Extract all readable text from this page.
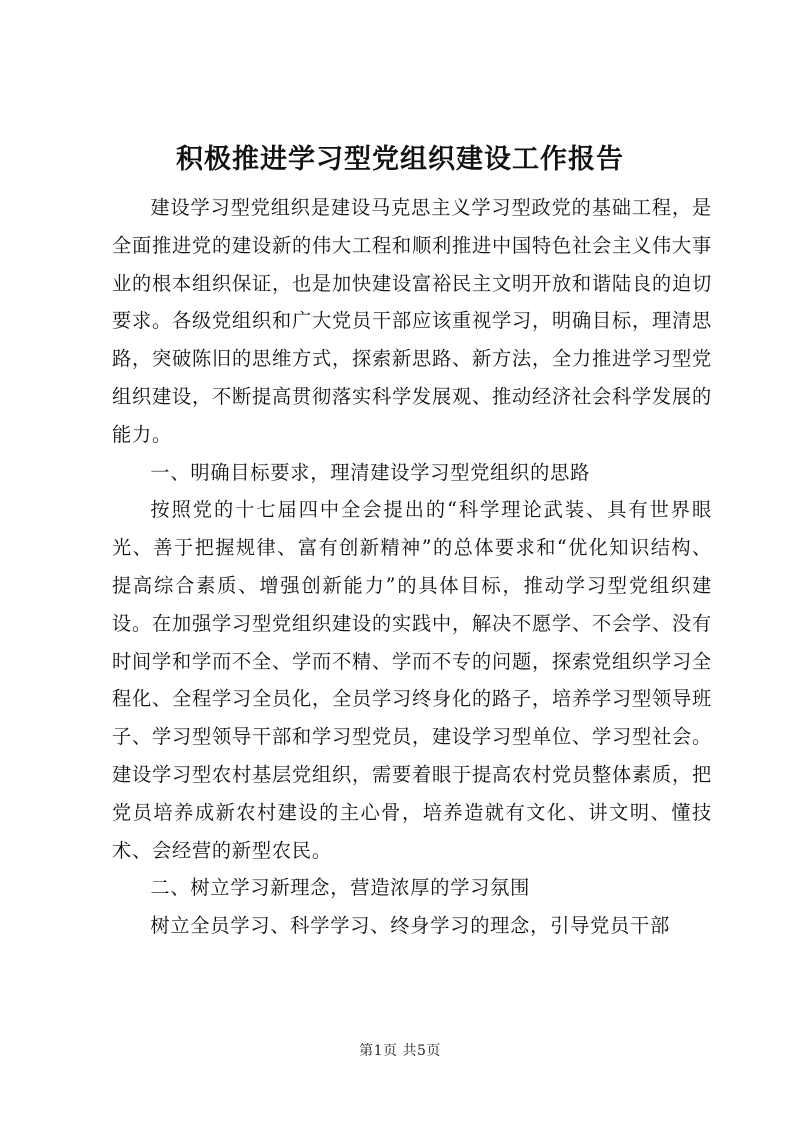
积极推进学习型党组织建设工作报告

建设学习型党组织是建设马克思主义学习型政党的基础工程，是全面推进党的建设新的伟大工程和顺利推进中国特色社会主义伟大事业的根本组织保证，也是加快建设富裕民主文明开放和谐陆良的迫切要求。各级党组织和广大党员干部应该重视学习，明确目标，理清思路，突破陈旧的思维方式，探索新思路、新方法，全力推进学习型党组织建设，不断提高贯彻落实科学发展观、推动经济社会科学发展的能力。

一、明确目标要求，理清建设学习型党组织的思路

按照党的十七届四中全会提出的“科学理论武装、具有世界眼光、善于把握规律、富有创新精神”的总体要求和“优化知识结构、提高综合素质、增强创新能力”的具体目标，推动学习型党组织建设。在加强学习型党组织建设的实践中，解决不愿学、不会学、没有时间学和学而不全、学而不精、学而不专的问题，探索党组织学习全程化、全程学习全员化，全员学习终身化的路子，培养学习型领导班子、学习型领导干部和学习型党员，建设学习型单位、学习型社会。建设学习型农村基层党组织，需要着眼于提高农村党员整体素质，把党员培养成新农村建设的主心骨，培养造就有文化、讲文明、懂技术、会经营的新型农民。

二、树立学习新理念，营造浓厚的学习氛围

树立全员学习、科学学习、终身学习的理念，引导党员干部

第1页 共5页
